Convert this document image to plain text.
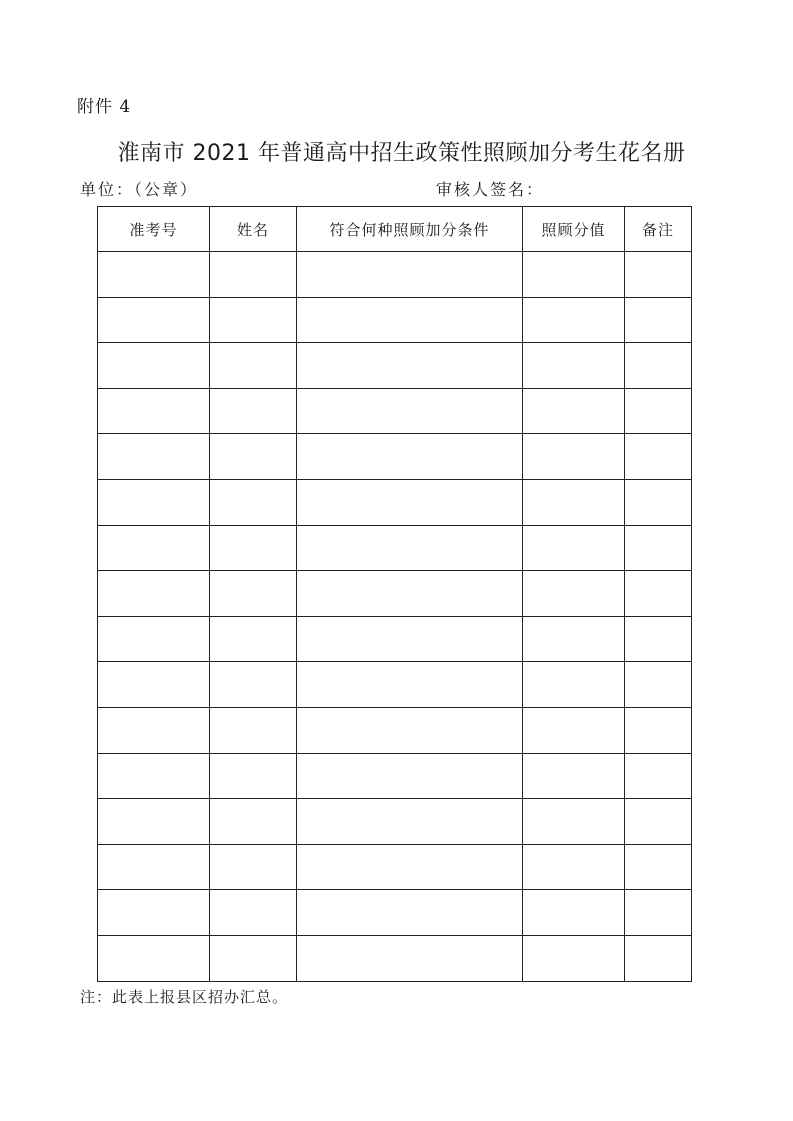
附件 4
淮南市 2021 年普通高中招生政策性照顾加分考生花名册
单位：（公章）	审核人签名：
准考号	姓名	符合何种照顾加分条件	照顾分值	备注

注：此表上报县区招办汇总。
